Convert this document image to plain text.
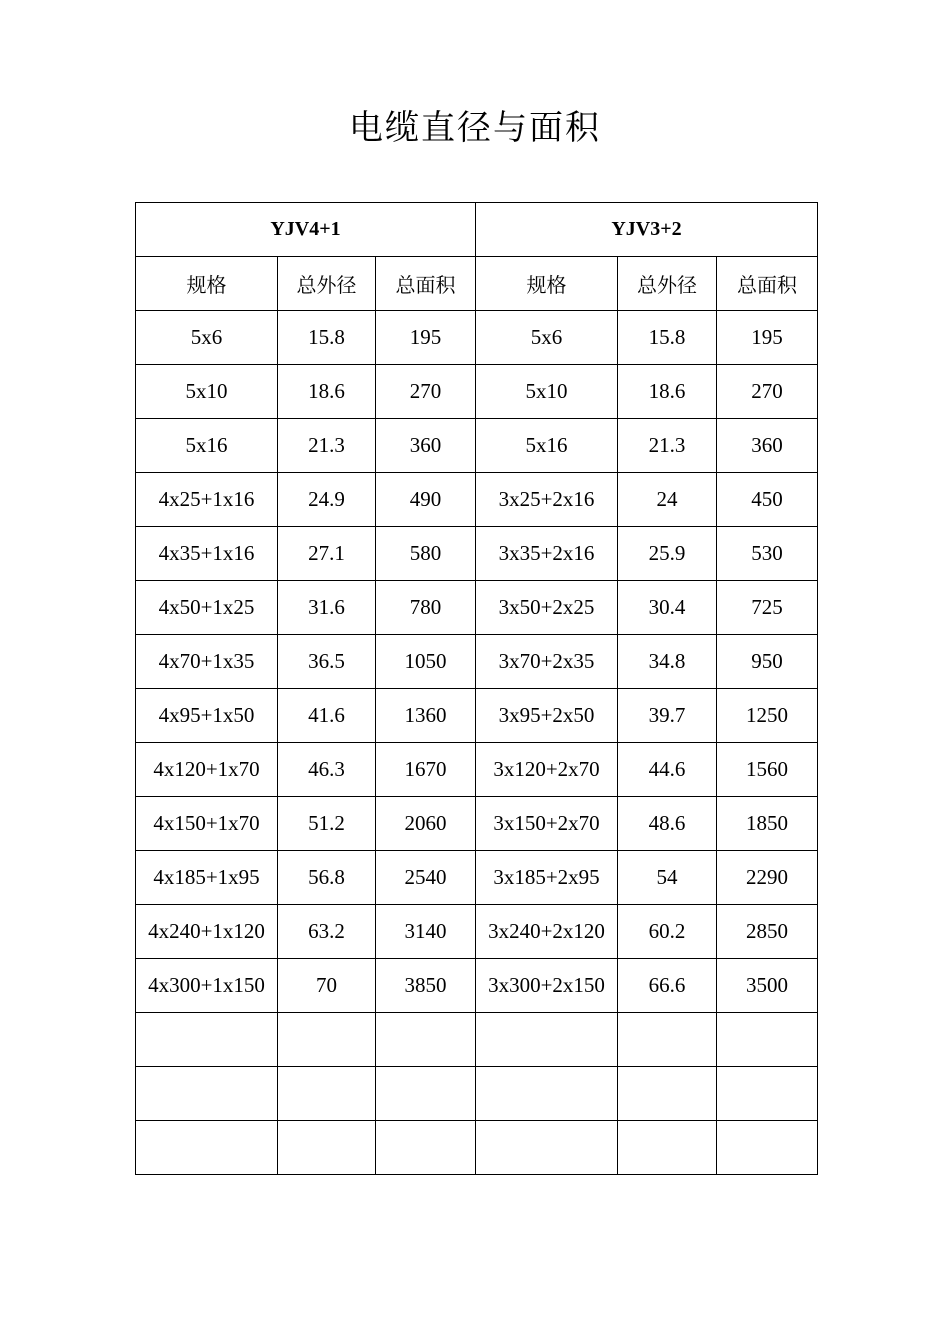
电缆直径与面积
YJV4+1			YJV3+2		
规格	总外径	总面积	规格	总外径	总面积
5x6	15.8	195	5x6	15.8	195
5x10	18.6	270	5x10	18.6	270
5x16	21.3	360	5x16	21.3	360
4x25+1x16	24.9	490	3x25+2x16	24	450
4x35+1x16	27.1	580	3x35+2x16	25.9	530
4x50+1x25	31.6	780	3x50+2x25	30.4	725
4x70+1x35	36.5	1050	3x70+2x35	34.8	950
4x95+1x50	41.6	1360	3x95+2x50	39.7	1250
4x120+1x70	46.3	1670	3x120+2x70	44.6	1560
4x150+1x70	51.2	2060	3x150+2x70	48.6	1850
4x185+1x95	56.8	2540	3x185+2x95	54	2290
4x240+1x120	63.2	3140	3x240+2x120	60.2	2850
4x300+1x150	70	3850	3x300+2x150	66.6	3500
